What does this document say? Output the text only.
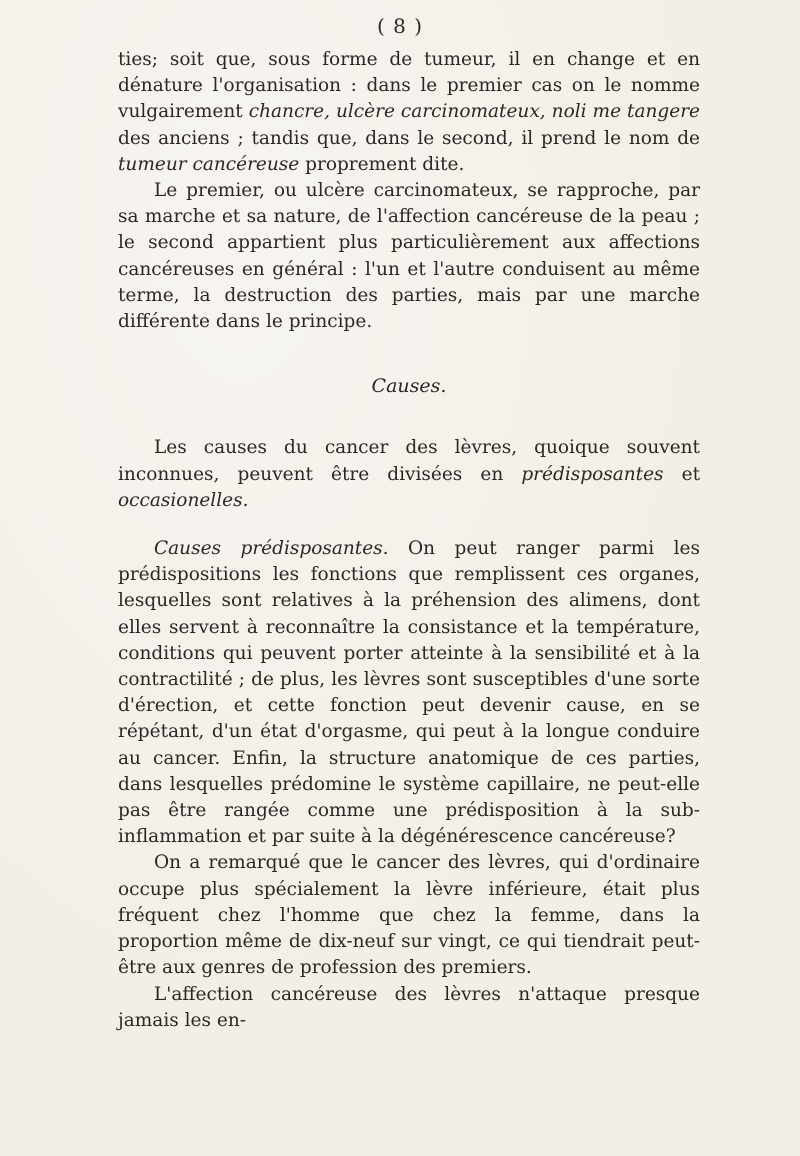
( 8 )

ties; soit que, sous forme de tumeur, il en change et en dénature l'organisation : dans le premier cas on le nomme vulgairement chancre, ulcère carcinomateux, noli me tangere des anciens ; tandis que, dans le second, il prend le nom de tumeur cancéreuse proprement dite.

Le premier, ou ulcère carcinomateux, se rapproche, par sa marche et sa nature, de l'affection cancéreuse de la peau ; le second appartient plus particulièrement aux affections cancéreuses en général : l'un et l'autre conduisent au même terme, la destruction des parties, mais par une marche différente dans le principe.

Causes.

Les causes du cancer des lèvres, quoique souvent inconnues, peuvent être divisées en prédisposantes et occasionelles.

Causes prédisposantes. On peut ranger parmi les prédispositions les fonctions que remplissent ces organes, lesquelles sont relatives à la préhension des alimens, dont elles servent à reconnaître la consistance et la température, conditions qui peuvent porter atteinte à la sensibilité et à la contractilité ; de plus, les lèvres sont susceptibles d'une sorte d'érection, et cette fonction peut devenir cause, en se répétant, d'un état d'orgasme, qui peut à la longue conduire au cancer. Enfin, la structure anatomique de ces parties, dans lesquelles prédomine le système capillaire, ne peut-elle pas être rangée comme une prédisposition à la sub-inflammation et par suite à la dégénérescence cancéreuse?

On a remarqué que le cancer des lèvres, qui d'ordinaire occupe plus spécialement la lèvre inférieure, était plus fréquent chez l'homme que chez la femme, dans la proportion même de dix-neuf sur vingt, ce qui tiendrait peut-être aux genres de profession des premiers.

L'affection cancéreuse des lèvres n'attaque presque jamais les en-
